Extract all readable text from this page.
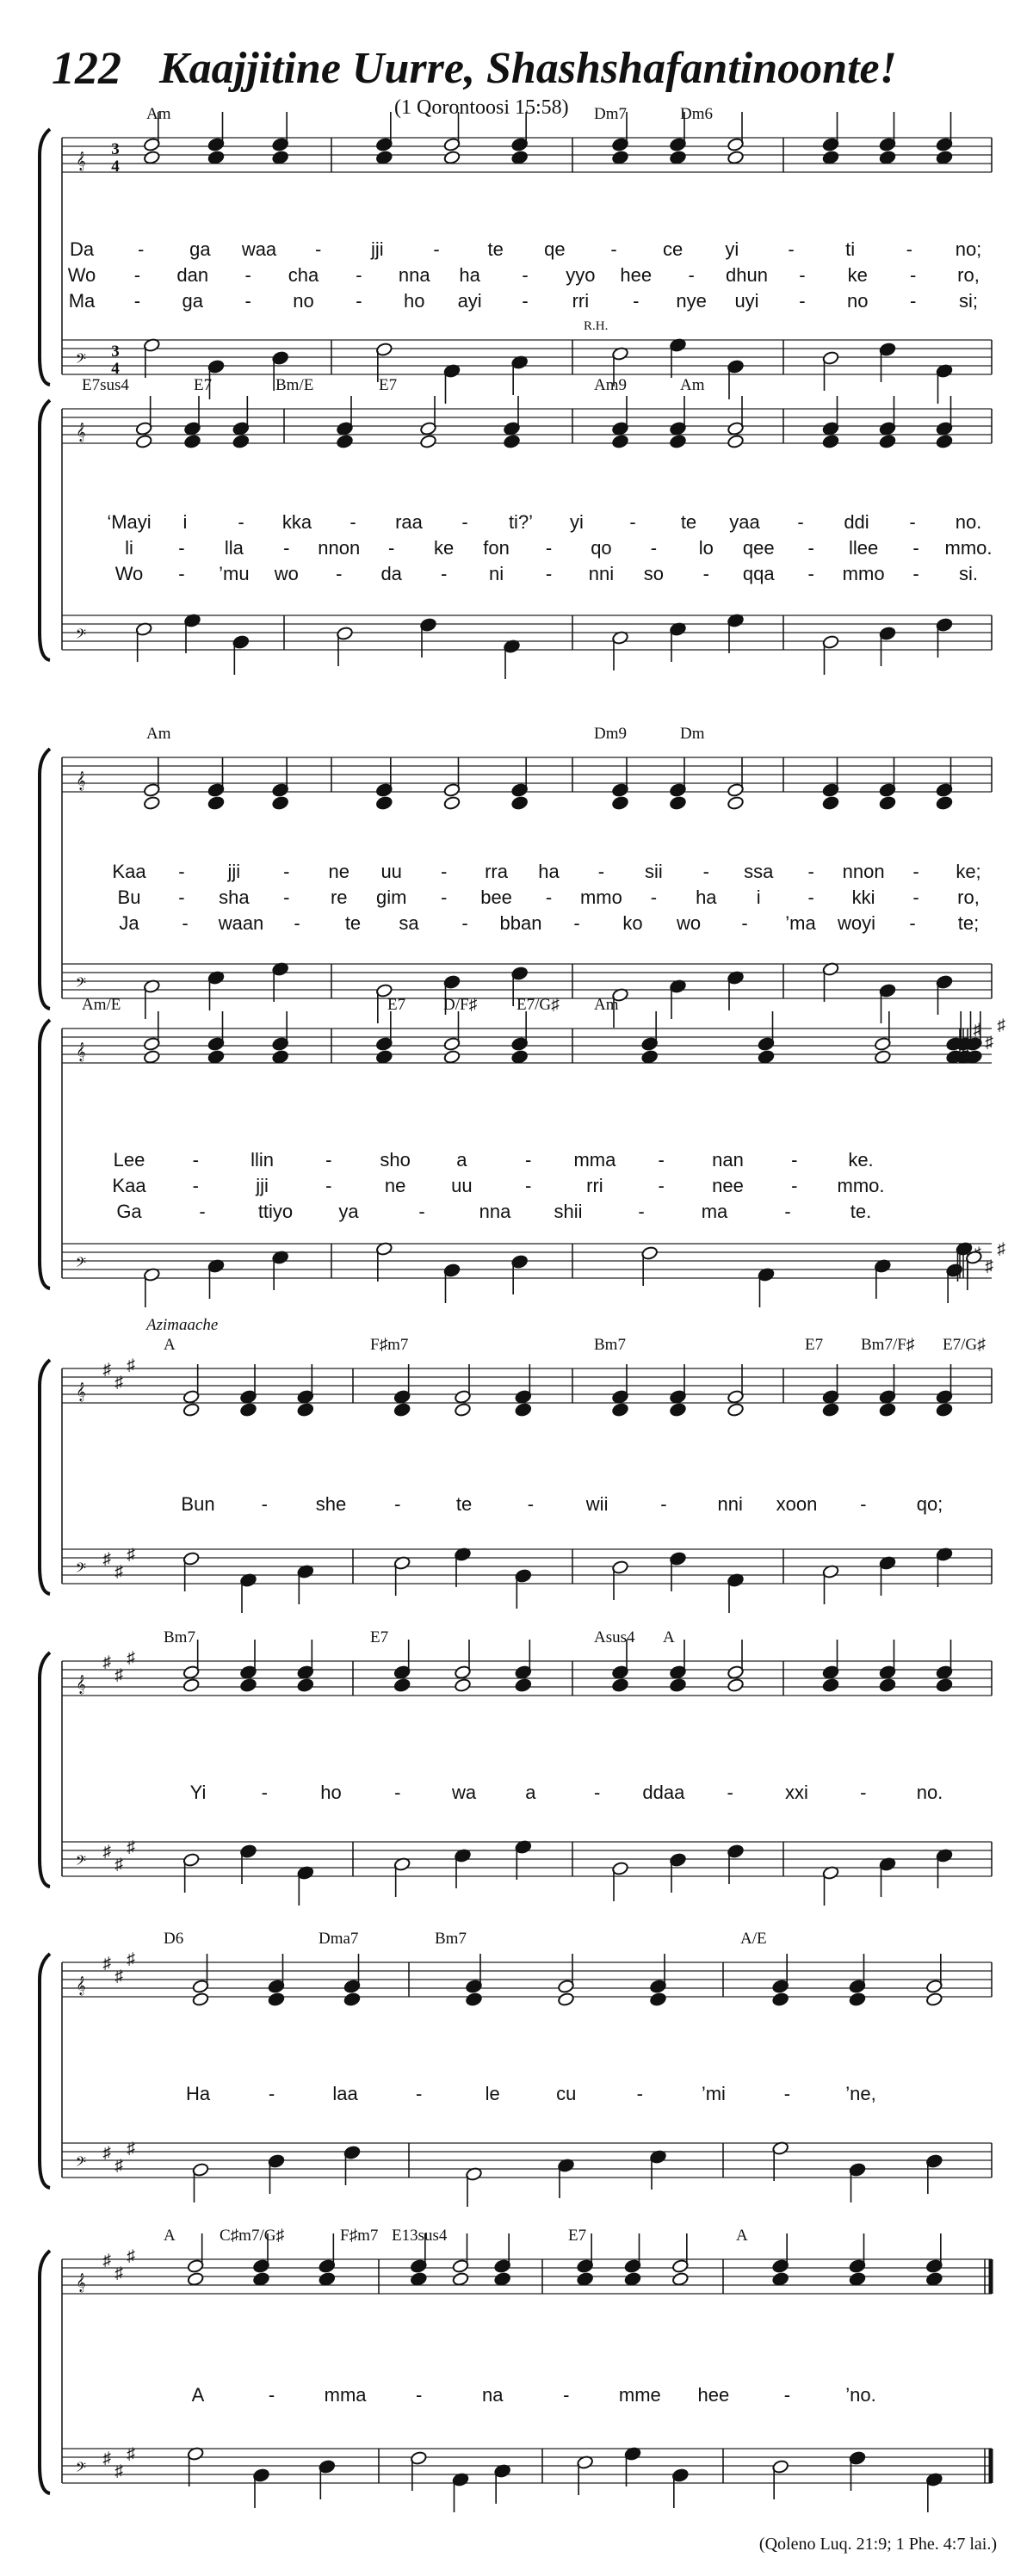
122 Kaajjitine Uurre, Shashshafantinoonte!
(1 Qorontoosi 15:58)
(Qoleno Luq. 21:9; 1 Phe. 4:7 lai.)
𝄞
𝄢
3
4
3
4
Am	Dm7	Dm6
R.H.
Da - ga waa -	jji	-	te qe - ce yi	-	ti	- no;
Wo - dan - cha - nna ha - yyo hee - dhun - ke - ro,
Ma - ga - no - ho ayi - rri - nye uyi - no - si;
𝄞
𝄢
E7sus4	E7	Bm/E	E7	Am9	Am
‘Mayi i	- kka - raa - ti?’ yi - te yaa - ddi - no.
li - lla - nnon - ke fon - qo - lo qee - llee - mmo.
Wo - ’mu wo - da - ni - nni so - qqa - mmo - si.
𝄞
𝄢
Am	Dm9	Dm
Kaa - jji - ne uu - rra ha - sii - ssa - nnon - ke;
Bu - sha - re gim - bee - mmo - ha i - kki - ro,
Ja - waan - te sa - bban - ko wo - ’ma woyi - te;
𝄞
𝄢
♯
♯
♯
♯
♯
Am/E	E7 D/F♯ E7/G♯ Am
Lee	-	llin	-	sho a	- mma -	nan	-	ke.
Kaa -	jji	-	ne uu	-	rri	-	nee	- mmo.
Ga	-	ttiyo ya	-	nna shii	-	ma	-	te.
𝄞
𝄢
♯
♯
♯
♯
♯
♯
A	F♯m7	Bm7	E7 Bm7/F♯ E7/G♯
Azimaache
Bun -	she	-	te	-	wii	-	nni xoon -	qo;
𝄞
𝄢
♯
♯
♯
♯
♯
♯
Bm7	E7	Asus4 A
Yi	-	ho	-	wa	a	- ddaa -	xxi	-	no.
𝄞
𝄢
♯
♯
♯
♯
♯
♯
D6	Dma7	Bm7	A/E
Ha	-	laa	-	le	cu	-	’mi	-	’ne,
𝄞
𝄢
♯
♯
♯
♯
♯
♯
A	C♯m7/G♯	F♯m7 E13sus4	E7	A
A	-	mma	-	na	-	mme hee	-	’no.
